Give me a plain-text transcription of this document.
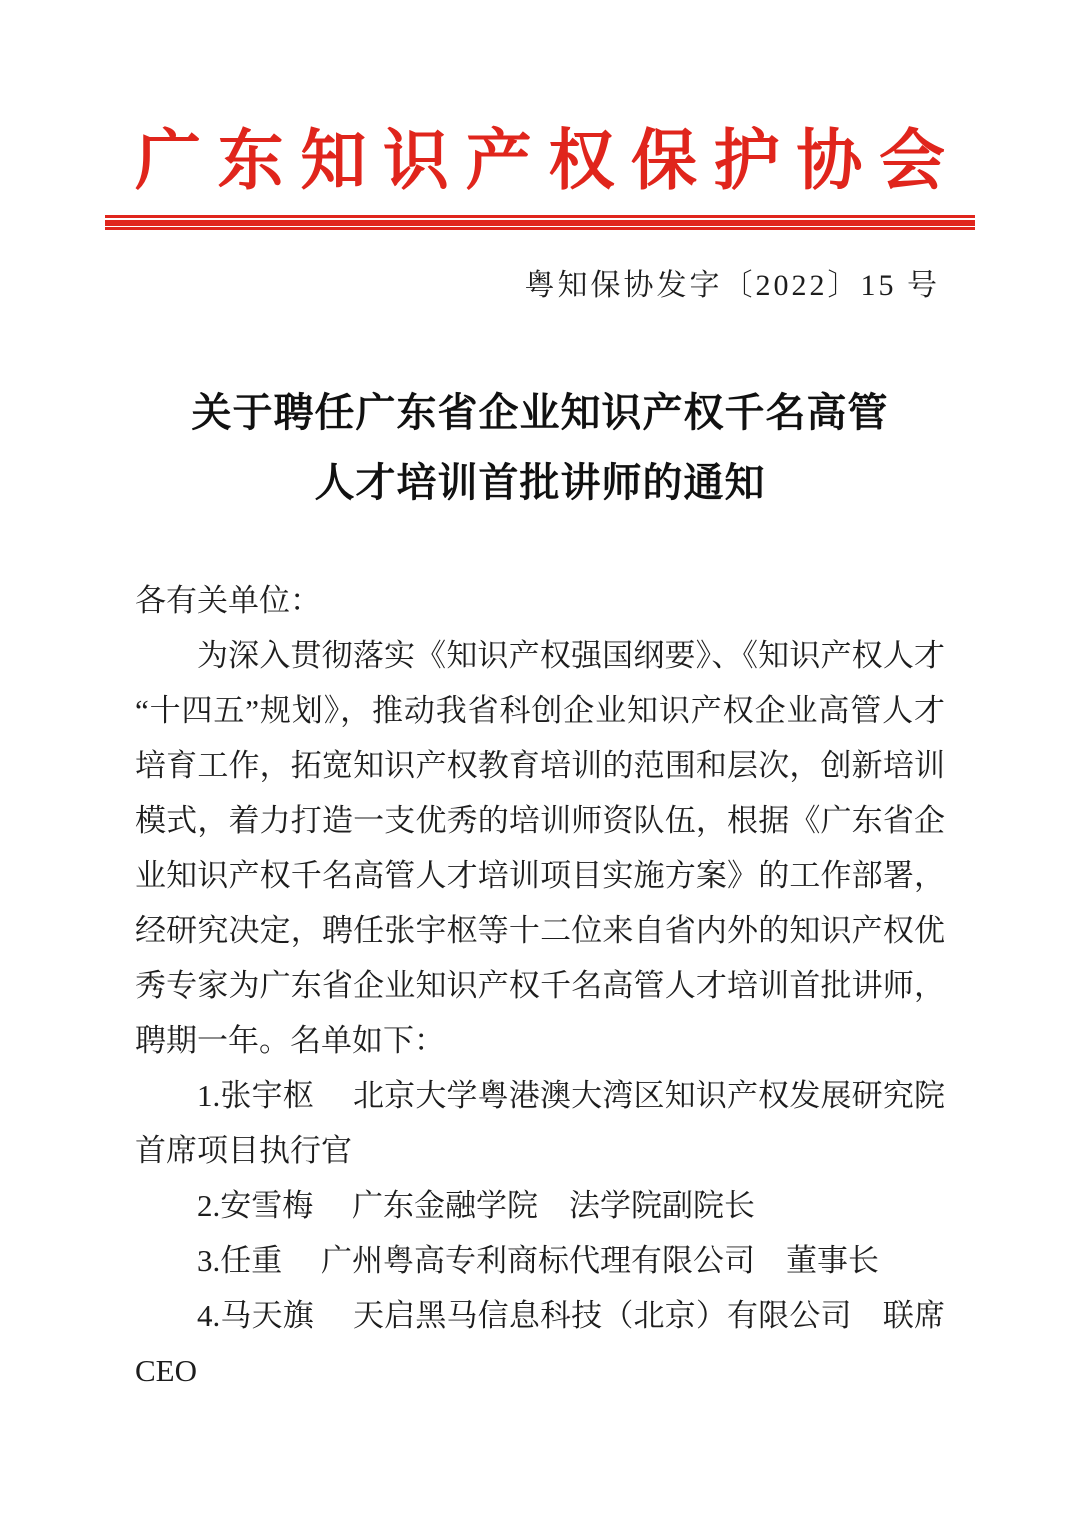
广东知识产权保护协会
粤知保协发字〔2022〕15 号
关于聘任广东省企业知识产权千名高管
人才培训首批讲师的通知

各有关单位：

为深入贯彻落实《知识产权强国纲要》、《知识产权人才“十四五”规划》，推动我省科创企业知识产权企业高管人才培育工作，拓宽知识产权教育培训的范围和层次，创新培训模式，着力打造一支优秀的培训师资队伍，根据《广东省企业知识产权千名高管人才培训项目实施方案》的工作部署，经研究决定，聘任张宇枢等十二位来自省内外的知识产权优秀专家为广东省企业知识产权千名高管人才培训首批讲师，聘期一年。名单如下：

1.张宇枢　 北京大学粤港澳大湾区知识产权发展研究院　首席项目执行官

2.安雪梅　 广东金融学院　法学院副院长

3.任重　 广州粤高专利商标代理有限公司　董事长

4.马天旗　 天启黑马信息科技（北京）有限公司　联席 CEO
